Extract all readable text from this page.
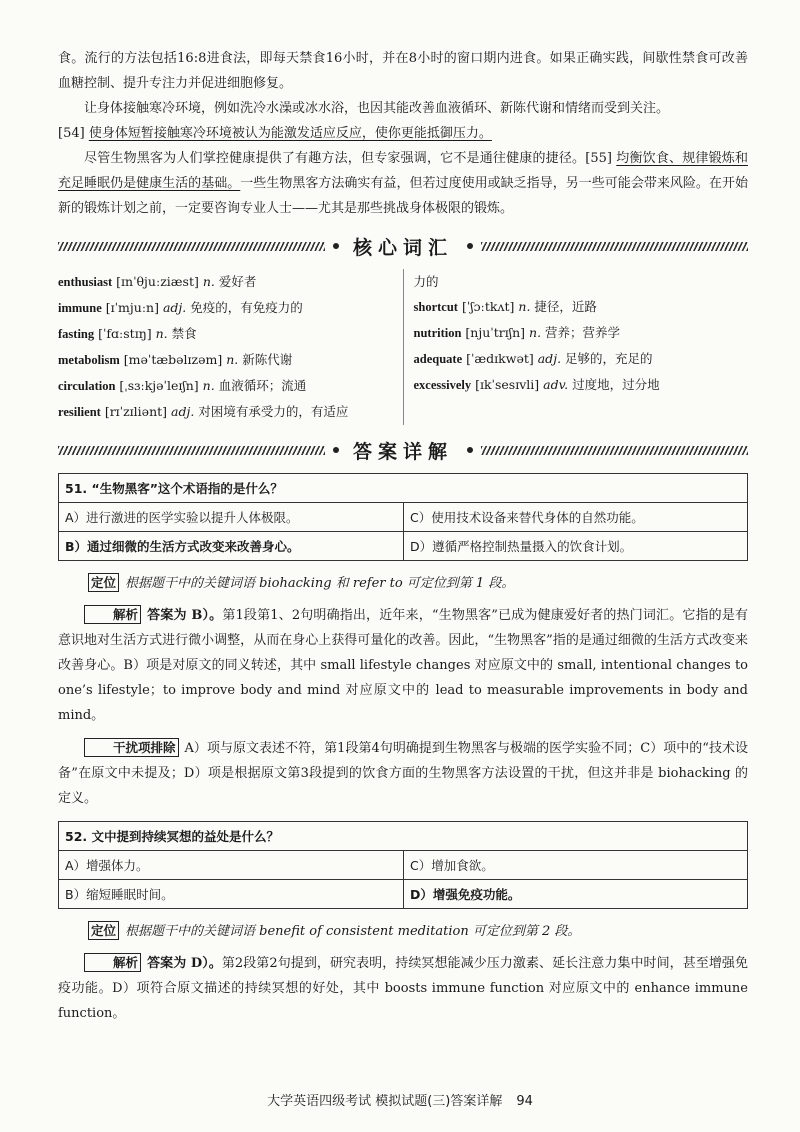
食。流行的方法包括16:8进食法，即每天禁食16小时，并在8小时的窗口期内进食。如果正确实践，间歇性禁食可改善血糖控制、提升专注力并促进细胞修复。

让身体接触寒冷环境，例如洗冷水澡或冰水浴，也因其能改善血液循环、新陈代谢和情绪而受到关注。

[54] 使身体短暂接触寒冷环境被认为能激发适应反应，使你更能抵御压力。

尽管生物黑客为人们掌控健康提供了有趣方法，但专家强调，它不是通往健康的捷径。[55] 均衡饮食、规律锻炼和充足睡眠仍是健康生活的基础。一些生物黑客方法确实有益，但若过度使用或缺乏指导，另一些可能会带来风险。在开始新的锻炼计划之前，一定要咨询专业人士——尤其是那些挑战身体极限的锻炼。

核心词汇
enthusiast [ɪnˈθjuːziæst] n. 爱好者
immune [ɪˈmjuːn] adj. 免疫的，有免疫力的
fasting [ˈfɑːstɪŋ] n. 禁食
metabolism [məˈtæbəlɪzəm] n. 新陈代谢
circulation [ˌsɜːkjəˈleɪʃn] n. 血液循环；流通
resilient [rɪˈzɪliənt] adj. 对困境有承受力的，有适应
力的
shortcut [ˈʃɔːtkʌt] n. 捷径，近路
nutrition [njuˈtrɪʃn] n. 营养；营养学
adequate [ˈædɪkwət] adj. 足够的，充足的
excessively [ɪkˈsesɪvli] adv. 过度地，过分地
答案详解
51. “生物黑客”这个术语指的是什么？
A）进行激进的医学实验以提升人体极限。	C）使用技术设备来替代身体的自然功能。
B）通过细微的生活方式改变来改善身心。	D）遵循严格控制热量摄入的饮食计划。
定位 根据题干中的关键词语 biohacking 和 refer to 可定位到第 1 段。

解析 答案为 B）。第1段第1、2句明确指出，近年来，“生物黑客”已成为健康爱好者的热门词汇。它指的是有意识地对生活方式进行微小调整，从而在身心上获得可量化的改善。因此，“生物黑客”指的是通过细微的生活方式改变来改善身心。B）项是对原文的同义转述，其中 small lifestyle changes 对应原文中的 small, intentional changes to one’s lifestyle；to improve body and mind 对应原文中的 lead to measurable improvements in body and mind。

干扰项排除 A）项与原文表述不符，第1段第4句明确提到生物黑客与极端的医学实验不同；C）项中的“技术设备”在原文中未提及；D）项是根据原文第3段提到的饮食方面的生物黑客方法设置的干扰，但这并非是 biohacking 的定义。

52. 文中提到持续冥想的益处是什么？
A）增强体力。	C）增加食欲。
B）缩短睡眠时间。	D）增强免疫功能。
定位 根据题干中的关键词语 benefit of consistent meditation 可定位到第 2 段。

解析 答案为 D）。第2段第2句提到，研究表明，持续冥想能减少压力激素、延长注意力集中时间，甚至增强免疫功能。D）项符合原文描述的持续冥想的好处，其中 boosts immune function 对应原文中的 enhance immune function。

大学英语四级考试 模拟试题(三)答案详解 94
